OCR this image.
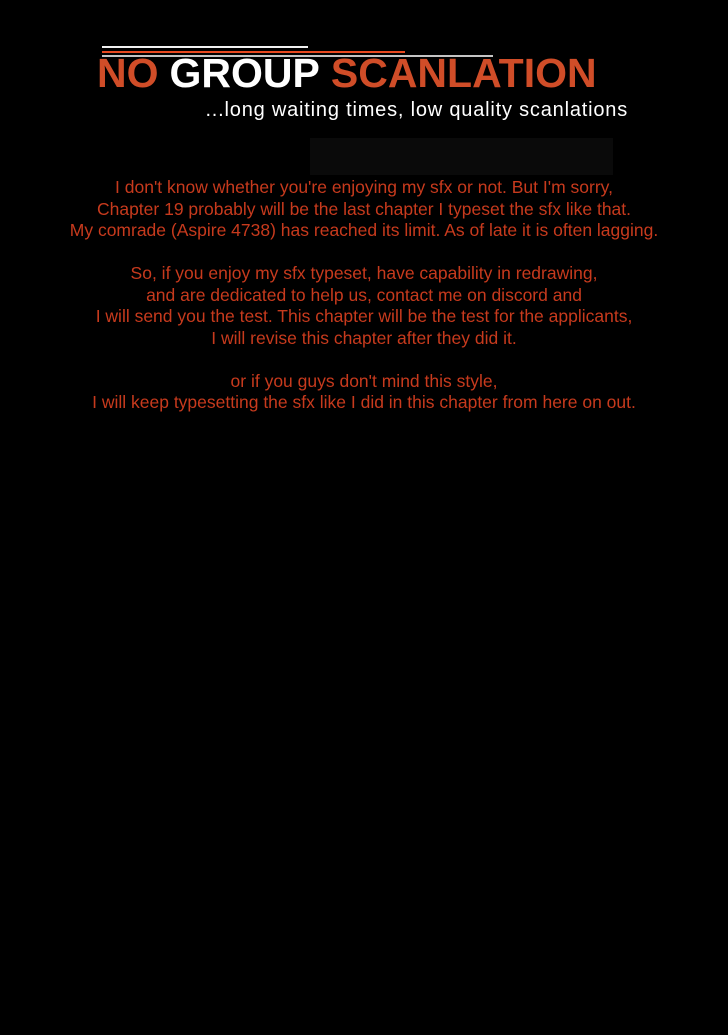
NO GROUP SCANLATION
...long waiting times, low quality scanlations
I don't know whether you're enjoying my sfx or not. But I'm sorry,
Chapter 19 probably will be the last chapter I typeset the sfx like that.
My comrade (Aspire 4738) has reached its limit. As of late it is often lagging.
So, if you enjoy my sfx typeset, have capability in redrawing,
and are dedicated to help us, contact me on discord and
I will send you the test. This chapter will be the test for the applicants,
I will revise this chapter after they did it.
or if you guys don't mind this style,
I will keep typesetting the sfx like I did in this chapter from here on out.
